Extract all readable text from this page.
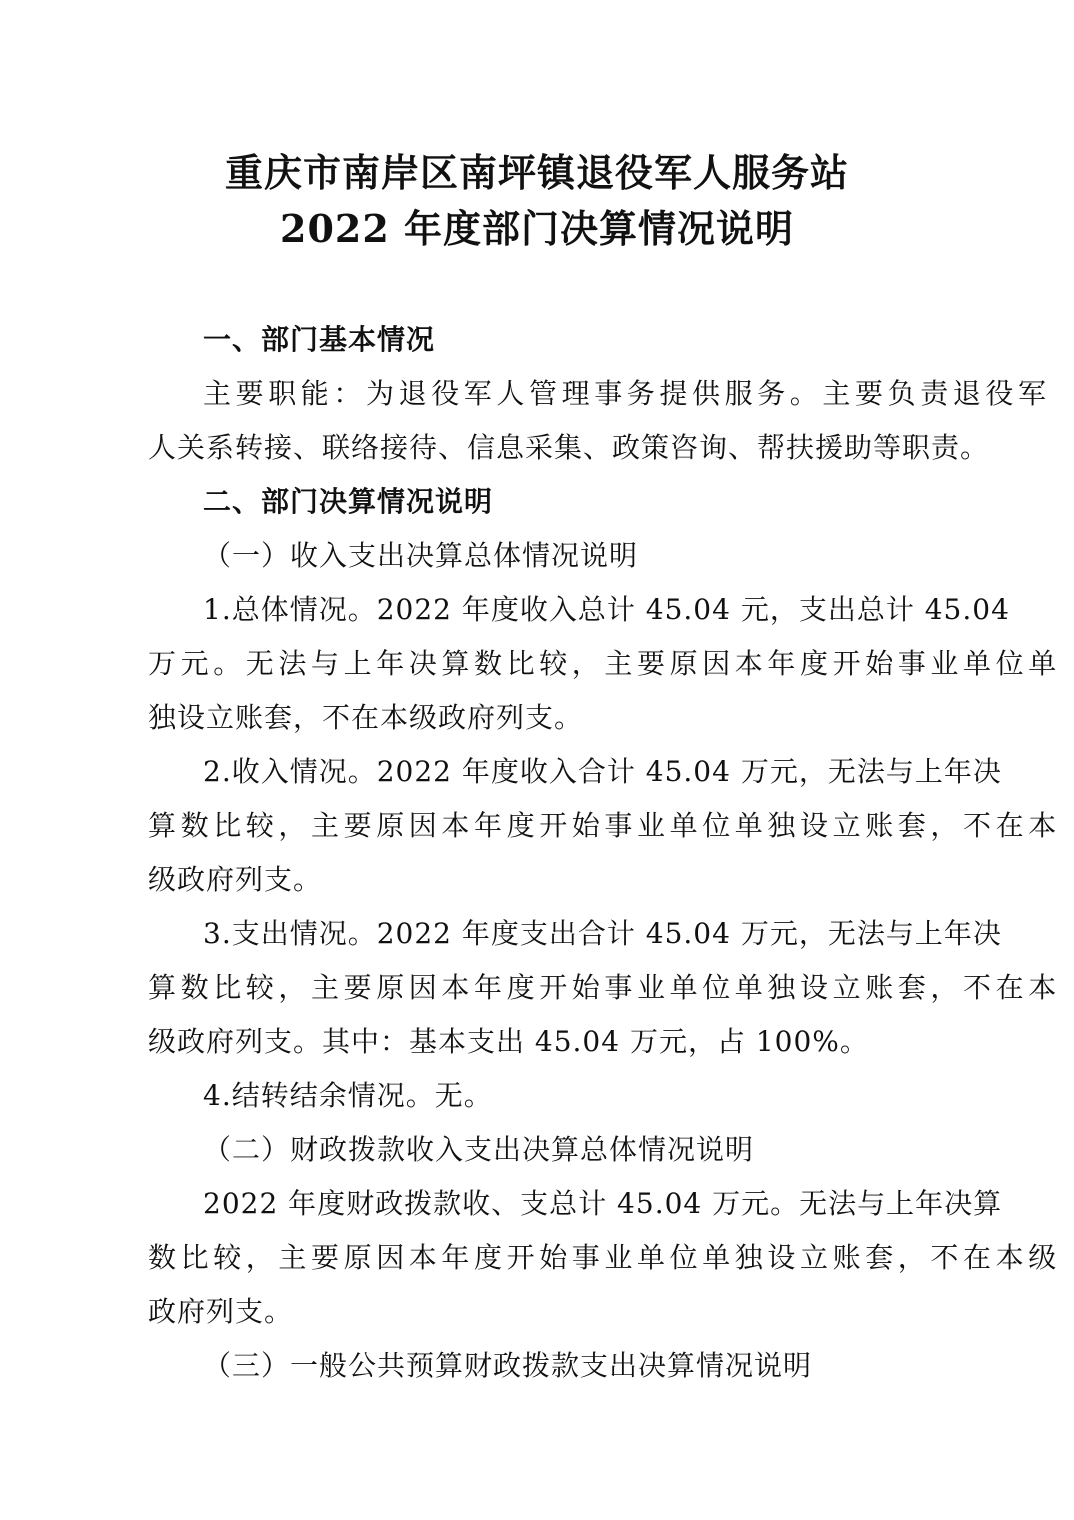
重庆市南岸区南坪镇退役军人服务站
2022 年度部门决算情况说明
一、部门基本情况
主要职能：为退役军人管理事务提供服务。主要负责退役军
人关系转接、联络接待、信息采集、政策咨询、帮扶援助等职责。
二、部门决算情况说明
（一）收入支出决算总体情况说明
1.总体情况。2022 年度收入总计 45.04 元，支出总计 45.04
万元。无法与上年决算数比较，主要原因本年度开始事业单位单
独设立账套，不在本级政府列支。
2.收入情况。2022 年度收入合计 45.04 万元，无法与上年决
算数比较，主要原因本年度开始事业单位单独设立账套，不在本
级政府列支。
3.支出情况。2022 年度支出合计 45.04 万元，无法与上年决
算数比较，主要原因本年度开始事业单位单独设立账套，不在本
级政府列支。其中：基本支出 45.04 万元，占 100%。
4.结转结余情况。无。
（二）财政拨款收入支出决算总体情况说明
2022 年度财政拨款收、支总计 45.04 万元。无法与上年决算
数比较，主要原因本年度开始事业单位单独设立账套，不在本级
政府列支。
（三）一般公共预算财政拨款支出决算情况说明
